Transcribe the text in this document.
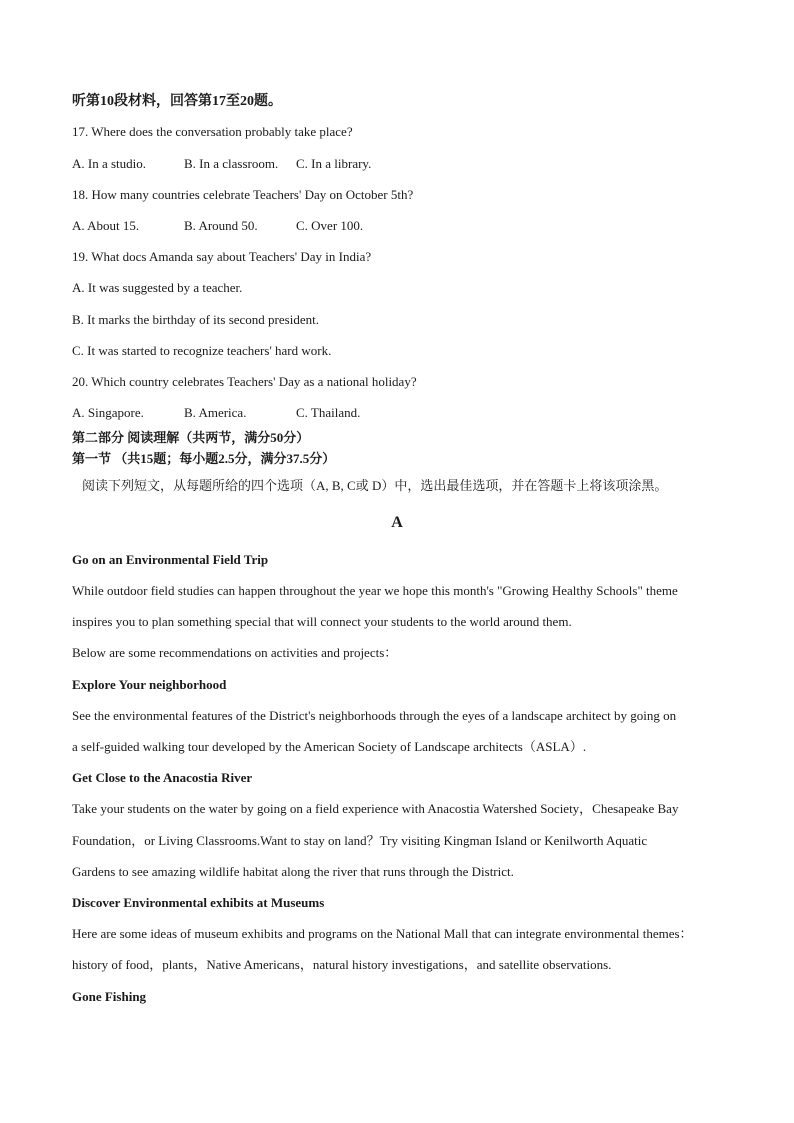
听第10段材料，回答第17至20题。
17. Where does the conversation probably take place?
A. In a studio.	B. In a classroom.	C. In a library.
18. How many countries celebrate Teachers' Day on October 5th?
A. About 15.	B. Around 50.	C. Over 100.
19. What docs Amanda say about Teachers' Day in India?
A. It was suggested by a teacher.
B. It marks the birthday of its second president.
C. It was started to recognize teachers' hard work.
20. Which country celebrates Teachers' Day as a national holiday?
A. Singapore.	B. America.	C. Thailand.
第二部分 阅读理解（共两节，满分50分）
第一节 （共15题；每小题2.5分，满分37.5分）
阅读下列短文，从每题所给的四个选项（A, B, C或 D）中，选出最佳选项，并在答题卡上将该项涂黑。
A
Go on an Environmental Field Trip
While outdoor field studies can happen throughout the year we hope this month's "Growing Healthy Schools" theme
inspires you to plan something special that will connect your students to the world around them.
Below are some recommendations on activities and projects：
Explore Your neighborhood
See the environmental features of the District's neighborhoods through the eyes of a landscape architect by going on
a self-guided walking tour developed by the American Society of Landscape architects（ASLA）.
Get Close to the Anacostia River
Take your students on the water by going on a field experience with Anacostia Watershed Society，Chesapeake Bay
Foundation，or Living Classrooms.Want to stay on land？Try visiting Kingman Island or Kenilworth Aquatic
Gardens to see amazing wildlife habitat along the river that runs through the District.
Discover Environmental exhibits at Museums
Here are some ideas of museum exhibits and programs on the National Mall that can integrate environmental themes：
history of food，plants，Native Americans，natural history investigations，and satellite observations.
Gone Fishing
